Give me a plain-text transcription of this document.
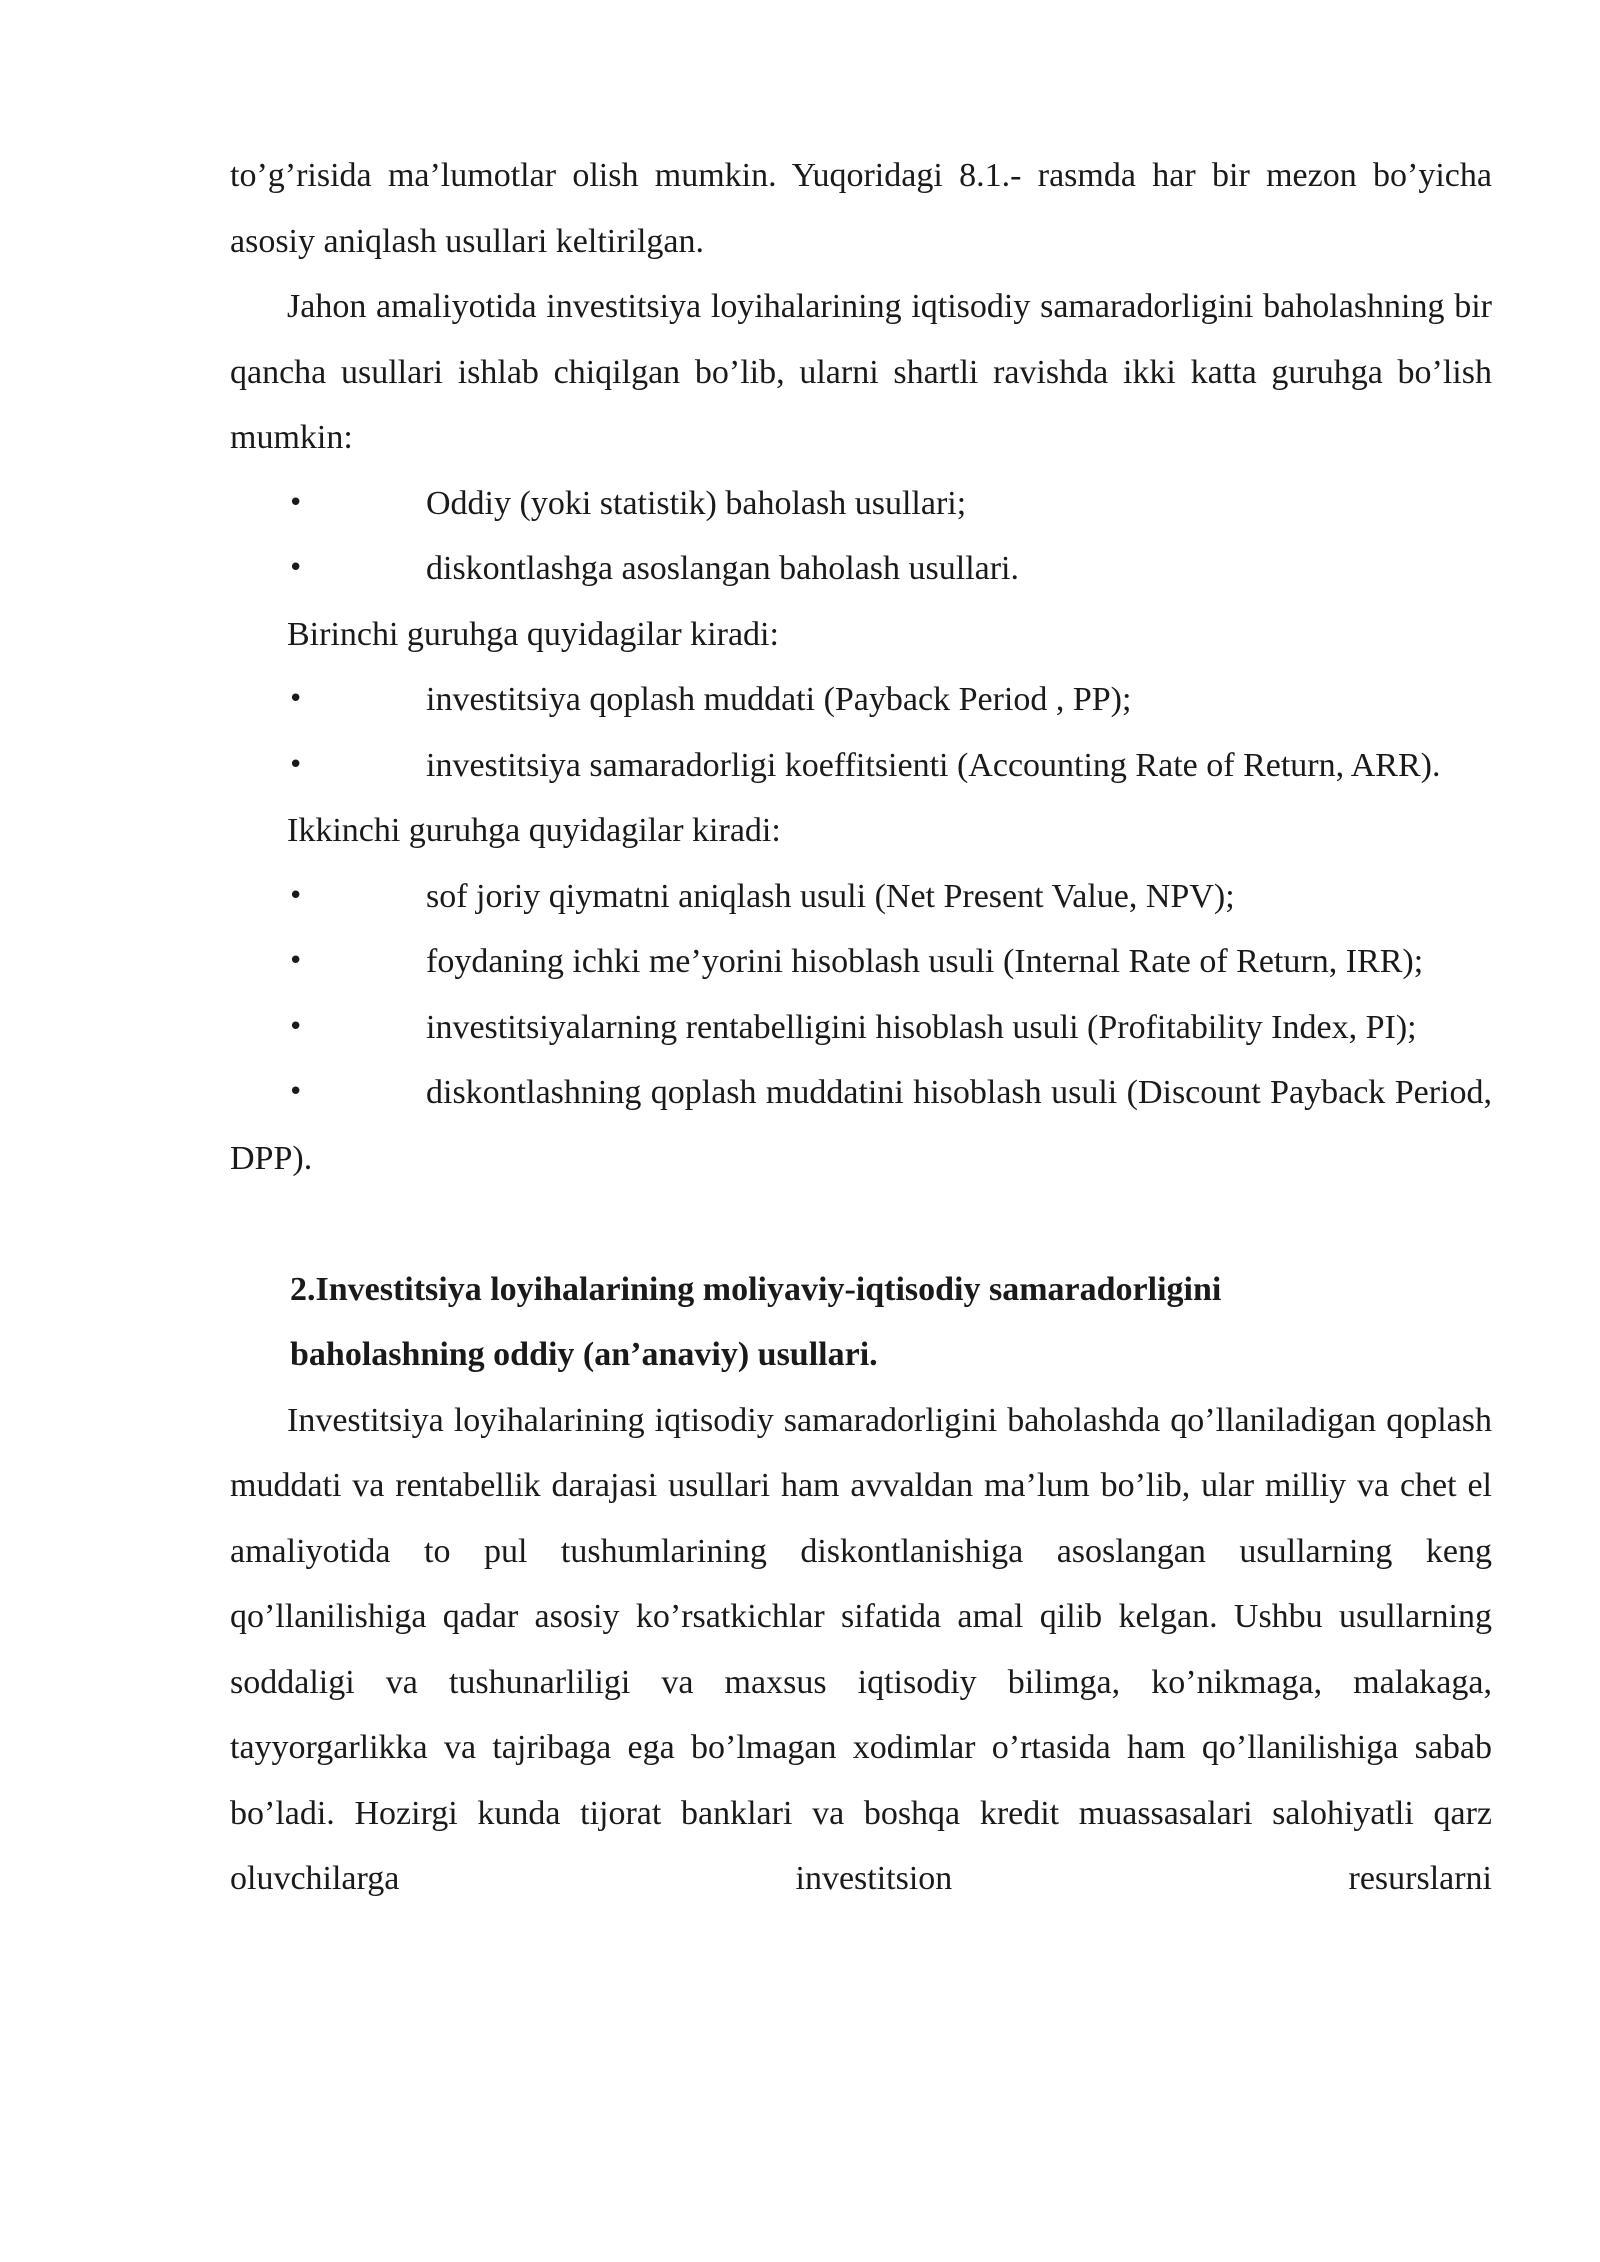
to’g’risida ma’lumotlar olish mumkin. Yuqoridagi 8.1.- rasmda har bir mezon bo’yicha asosiy aniqlash usullari keltirilgan.

Jahon amaliyotida investitsiya loyihalarining iqtisodiy samaradorligini baholashning bir qancha usullari ishlab chiqilgan bo’lib, ularni shartli ravishda ikki katta guruhga bo’lish mumkin:

•	Oddiy (yoki statistik) baholash usullari;
•	diskontlashga asoslangan baholash usullari.

Birinchi guruhga quyidagilar kiradi:

•	investitsiya qoplash muddati (Payback Period , PP);
•	investitsiya samaradorligi koeffitsienti (Accounting Rate of Return, ARR).

Ikkinchi guruhga quyidagilar kiradi:

•	sof joriy qiymatni aniqlash usuli (Net Present Value, NPV);
•	foydaning ichki me’yorini hisoblash usuli (Internal Rate of Return, IRR);
•	investitsiyalarning rentabelligini hisoblash usuli (Profitability Index, PI);
•	diskontlashning qoplash muddatini hisoblash usuli (Discount Payback Period, DPP).

2.Investitsiya loyihalarining moliyaviy-iqtisodiy samaradorligini

baholashning oddiy (an’anaviy) usullari.

Investitsiya loyihalarining iqtisodiy samaradorligini baholashda qo’llaniladigan qoplash muddati va rentabellik darajasi usullari ham avvaldan ma’lum bo’lib, ular milliy va chet el amaliyotida to pul tushumlarining diskontlanishiga asoslangan usullarning keng qo’llanilishiga qadar asosiy ko’rsatkichlar sifatida amal qilib kelgan. Ushbu usullarning soddaligi va tushunarliligi va maxsus iqtisodiy bilimga, ko’nikmaga, malakaga, tayyorgarlikka va tajribaga ega bo’lmagan xodimlar o’rtasida ham qo’llanilishiga sabab bo’ladi. Hozirgi kunda tijorat banklari va boshqa kredit muassasalari salohiyatli qarz oluvchilarga investitsion resurslarni
